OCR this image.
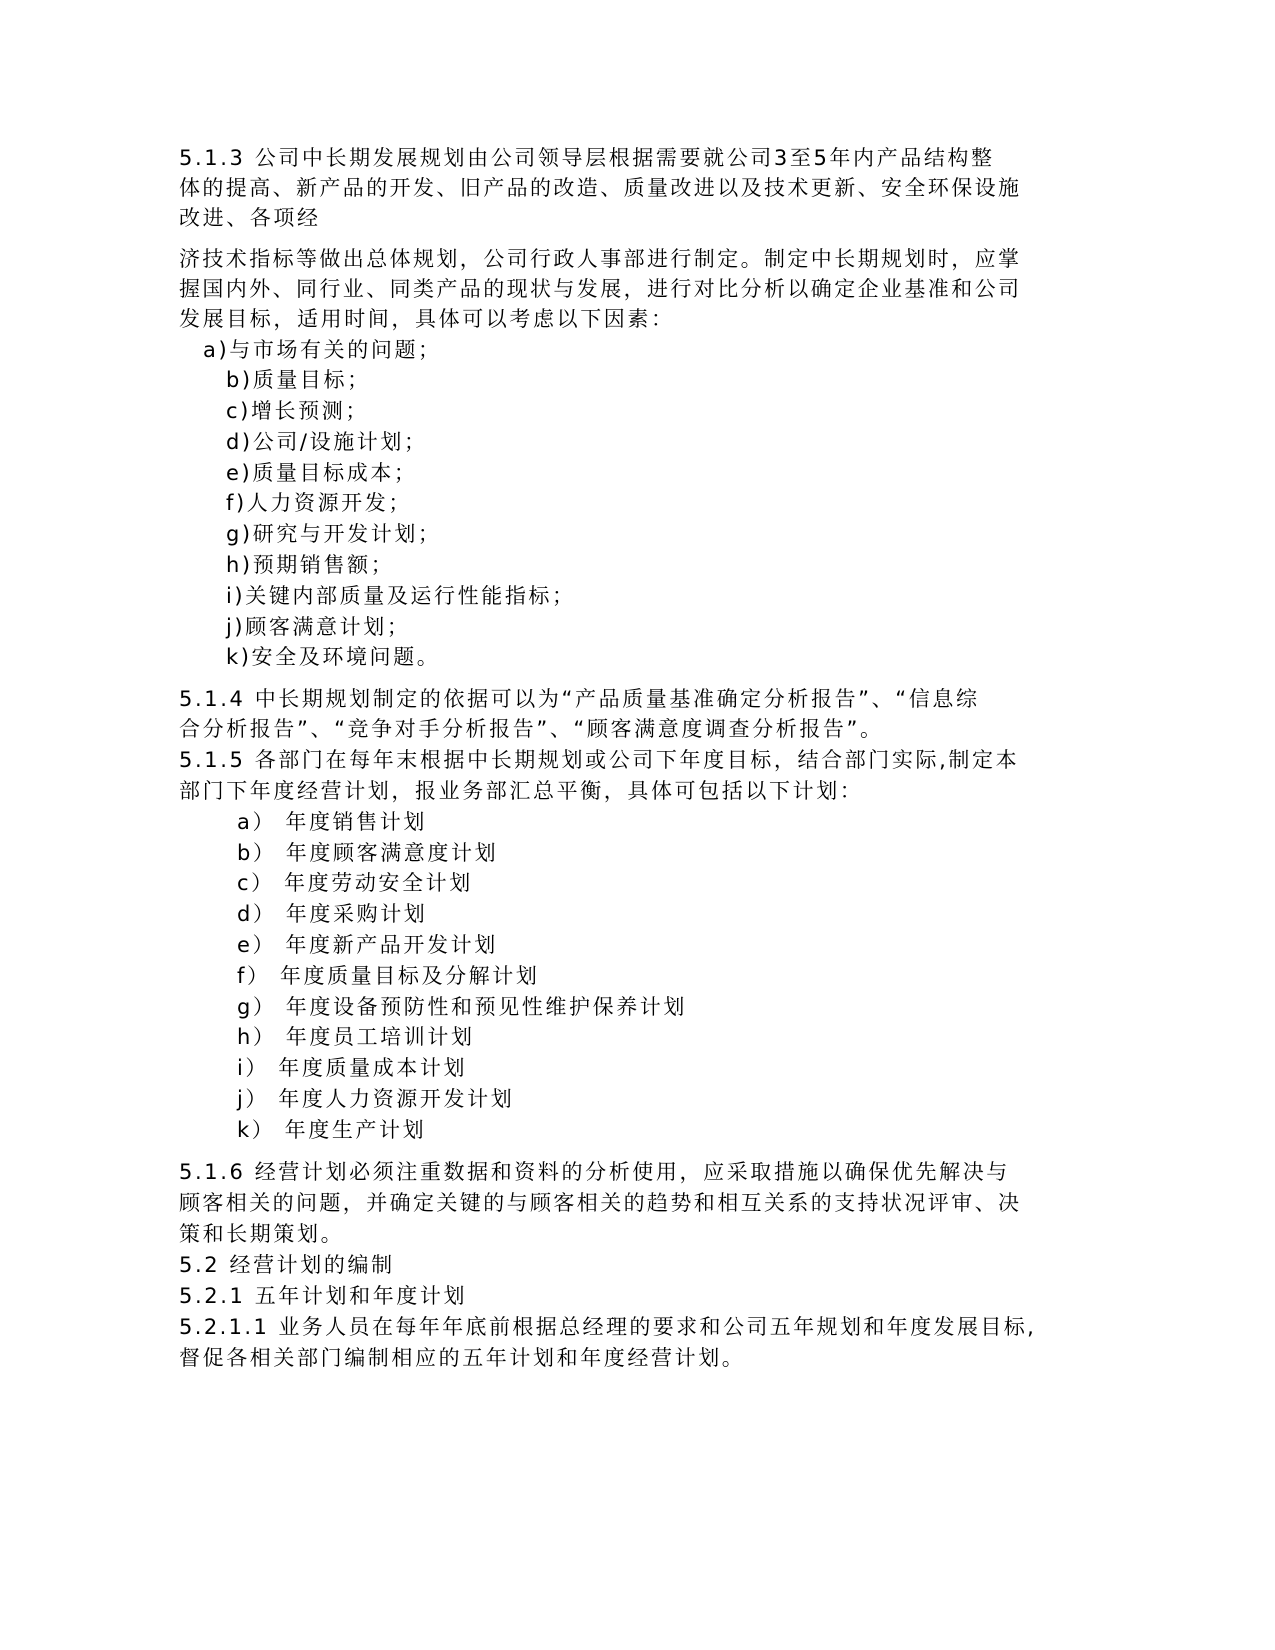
5.1.3 公司中长期发展规划由公司领导层根据需要就公司3至5年内产品结构整
体的提高、新产品的开发、旧产品的改造、质量改进以及技术更新、安全环保设施
改进、各项经
济技术指标等做出总体规划，公司行政人事部进行制定。制定中长期规划时，应掌
握国内外、同行业、同类产品的现状与发展，进行对比分析以确定企业基准和公司
发展目标，适用时间，具体可以考虑以下因素：
a)与市场有关的问题；
b)质量目标；
c)增长预测；
d)公司/设施计划；
e)质量目标成本；
f)人力资源开发；
g)研究与开发计划；
h)预期销售额；
i)关键内部质量及运行性能指标；
j)顾客满意计划；
k)安全及环境问题。
5.1.4 中长期规划制定的依据可以为“产品质量基准确定分析报告”、“信息综
合分析报告”、“竞争对手分析报告”、“顾客满意度调查分析报告”。
5.1.5 各部门在每年末根据中长期规划或公司下年度目标，结合部门实际,制定本
部门下年度经营计划，报业务部汇总平衡，具体可包括以下计划：
a） 年度销售计划
b） 年度顾客满意度计划
c） 年度劳动安全计划
d） 年度采购计划
e） 年度新产品开发计划
f） 年度质量目标及分解计划
g） 年度设备预防性和预见性维护保养计划
h） 年度员工培训计划
i） 年度质量成本计划
j） 年度人力资源开发计划
k） 年度生产计划
5.1.6 经营计划必须注重数据和资料的分析使用，应采取措施以确保优先解决与
顾客相关的问题，并确定关键的与顾客相关的趋势和相互关系的支持状况评审、决
策和长期策划。
5.2 经营计划的编制
5.2.1 五年计划和年度计划
5.2.1.1 业务人员在每年年底前根据总经理的要求和公司五年规划和年度发展目标,
督促各相关部门编制相应的五年计划和年度经营计划。
